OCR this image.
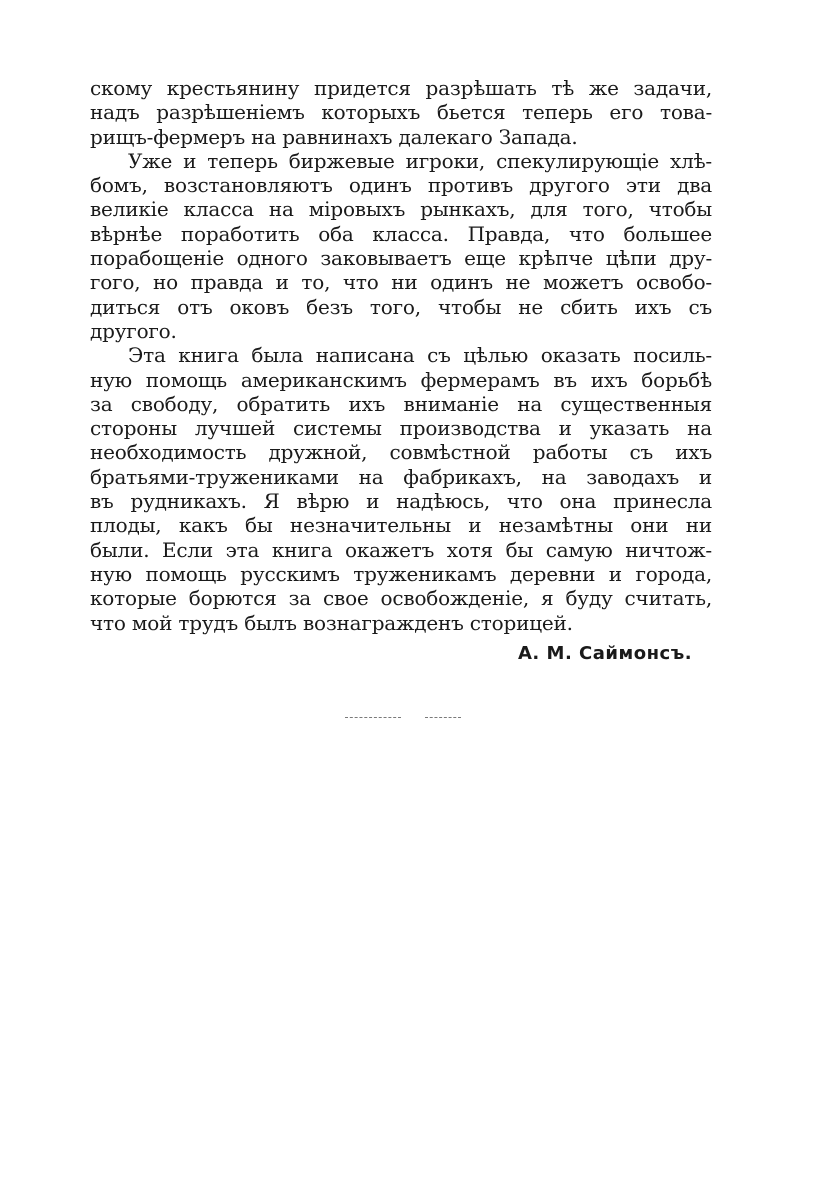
скому крестьянину придется разрѣшать тѣ же задачи,
надъ разрѣшеніемъ которыхъ бьется теперь его това-
рищъ-фермеръ на равнинахъ далекаго Запада.
Уже и теперь биржевые игроки, спекулирующіе хлѣ-
бомъ, возстановляютъ одинъ противъ другого эти два
великіе класса на міровыхъ рынкахъ, для того, чтобы
вѣрнѣе поработить оба класса. Правда, что большее
порабощеніе одного заковываетъ еще крѣпче цѣпи дру-
гого, но правда и то, что ни одинъ не можетъ освобо-
диться отъ оковъ безъ того, чтобы не сбить ихъ съ
другого.
Эта книга была написана съ цѣлью оказать посиль-
ную помощь американскимъ фермерамъ въ ихъ борьбѣ
за свободу, обратить ихъ вниманіе на существенныя
стороны лучшей системы производства и указать на
необходимость дружной, совмѣстной работы съ ихъ
братьями-тружениками на фабрикахъ, на заводахъ и
въ рудникахъ. Я вѣрю и надѣюсь, что она принесла
плоды, какъ бы незначительны и незамѣтны они ни
были. Если эта книга окажетъ хотя бы самую ничтож-
ную помощь русскимъ труженикамъ деревни и города,
которые борются за свое освобожденіе, я буду считать,
что мой трудъ былъ вознагражденъ сторицей.
А. М. Саймонсъ.
